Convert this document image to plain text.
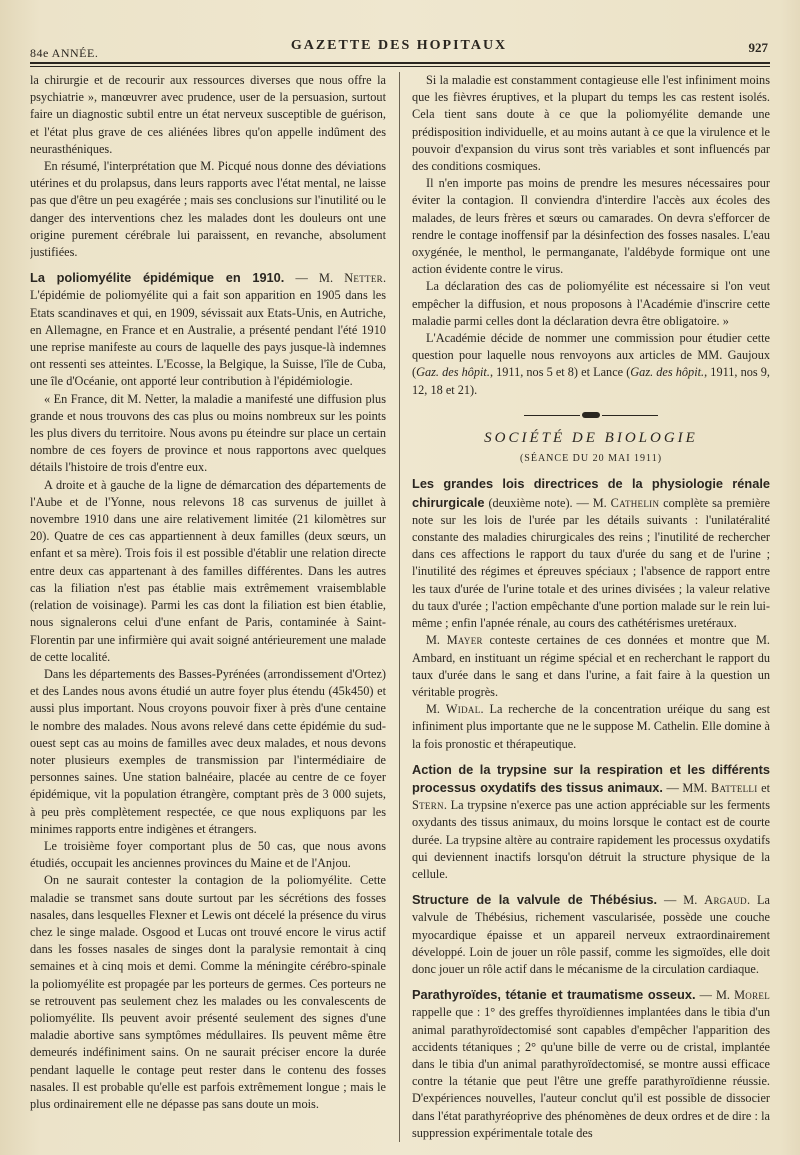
84e ANNÉE.	GAZETTE DES HOPITAUX	927

la chirurgie et de recourir aux ressources diverses que nous offre la psychiatrie », manœuvrer avec prudence, user de la persuasion, surtout faire un diagnostic subtil entre un état nerveux susceptible de guérison, et l'état plus grave de ces aliénées libres qu'on appelle indûment des neurasthéniques.

En résumé, l'interprétation que M. Picqué nous donne des déviations utérines et du prolapsus, dans leurs rapports avec l'état mental, ne laisse pas que d'être un peu exagérée ; mais ses conclusions sur l'inutilité ou le danger des interventions chez les malades dont les douleurs ont une origine purement cérébrale lui paraissent, en revanche, absolument justifiées.

La poliomyélite épidémique en 1910. — M. Netter. L'épidémie de poliomyélite qui a fait son apparition en 1905 dans les Etats scandinaves et qui, en 1909, sévissait aux Etats-Unis, en Autriche, en Allemagne, en France et en Australie, a présenté pendant l'été 1910 une reprise manifeste au cours de laquelle des pays jusque-là indemnes ont ressenti ses atteintes. L'Ecosse, la Belgique, la Suisse, l'île de Cuba, une île d'Océanie, ont apporté leur contribution à l'épidémiologie.

« En France, dit M. Netter, la maladie a manifesté une diffusion plus grande et nous trouvons des cas plus ou moins nombreux sur les points les plus divers du territoire. Nous avons pu éteindre sur place un certain nombre de ces foyers de province et nous rapportons avec quelques détails l'histoire de trois d'entre eux.

A droite et à gauche de la ligne de démarcation des départements de l'Aube et de l'Yonne, nous relevons 18 cas survenus de juillet à novembre 1910 dans une aire relativement limitée (21 kilomètres sur 20). Quatre de ces cas appartiennent à deux familles (deux sœurs, un enfant et sa mère). Trois fois il est possible d'établir une relation directe entre deux cas appartenant à des familles différentes. Dans les autres cas la filiation n'est pas établie mais extrêmement vraisemblable (relation de voisinage). Parmi les cas dont la filiation est bien établie, nous signalerons celui d'une enfant de Paris, contaminée à Saint-Florentin par une infirmière qui avait soigné antérieurement une malade de cette localité.

Dans les départements des Basses-Pyrénées (arrondissement d'Ortez) et des Landes nous avons étudié un autre foyer plus étendu (45k450) et aussi plus important. Nous croyons pouvoir fixer à près d'une centaine le nombre des malades. Nous avons relevé dans cette épidémie du sud-ouest sept cas au moins de familles avec deux malades, et nous devons noter plusieurs exemples de transmission par l'intermédiaire de personnes saines. Une station balnéaire, placée au centre de ce foyer épidémique, vit la population étrangère, comptant près de 3 000 sujets, à peu près complètement respectée, ce que nous expliquons par les minimes rapports entre indigènes et étrangers.

Le troisième foyer comportant plus de 50 cas, que nous avons étudiés, occupait les anciennes provinces du Maine et de l'Anjou.

On ne saurait contester la contagion de la poliomyélite. Cette maladie se transmet sans doute surtout par les sécrétions des fosses nasales, dans lesquelles Flexner et Lewis ont décelé la présence du virus chez le singe malade. Osgood et Lucas ont trouvé encore le virus actif dans les fosses nasales de singes dont la paralysie remontait à cinq semaines et à cinq mois et demi. Comme la méningite cérébro-spinale la poliomyélite est propagée par les porteurs de germes. Ces porteurs ne se retrouvent pas seulement chez les malades ou les convalescents de poliomyélite. Ils peuvent avoir présenté seulement des signes d'une maladie abortive sans symptômes médullaires. Ils peuvent même être demeurés indéfiniment sains. On ne saurait préciser encore la durée pendant laquelle le contage peut rester dans le contenu des fosses nasales. Il est probable qu'elle est parfois extrêmement longue ; mais le plus ordinairement elle ne dépasse pas sans doute un mois.

Si la maladie est constamment contagieuse elle l'est infiniment moins que les fièvres éruptives, et la plupart du temps les cas restent isolés. Cela tient sans doute à ce que la poliomyélite demande une prédisposition individuelle, et au moins autant à ce que la virulence et le pouvoir d'expansion du virus sont très variables et sont influencés par des conditions cosmiques.

Il n'en importe pas moins de prendre les mesures nécessaires pour éviter la contagion. Il conviendra d'interdire l'accès aux écoles des malades, de leurs frères et sœurs ou camarades. On devra s'efforcer de rendre le contage inoffensif par la désinfection des fosses nasales. L'eau oxygénée, le menthol, le permanganate, l'aldébyde formique ont une action évidente contre le virus.

La déclaration des cas de poliomyélite est nécessaire si l'on veut empêcher la diffusion, et nous proposons à l'Académie d'inscrire cette maladie parmi celles dont la déclaration devra être obligatoire. »

L'Académie décide de nommer une commission pour étudier cette question pour laquelle nous renvoyons aux articles de MM. Gaujoux (Gaz. des hôpit., 1911, nos 5 et 8) et Lance (Gaz. des hôpit., 1911, nos 9, 12, 18 et 21).

SOCIÉTÉ DE BIOLOGIE
(SÉANCE DU 20 MAI 1911)

Les grandes lois directrices de la physiologie rénale chirurgicale (deuxième note). — M. Cathelin complète sa première note sur les lois de l'urée par les détails suivants : l'unilatéralité constante des maladies chirurgicales des reins ; l'inutilité de rechercher dans ces affections le rapport du taux d'urée du sang et de l'urine ; l'inutilité des régimes et épreuves spéciaux ; l'absence de rapport entre les taux d'urée de l'urine totale et des urines divisées ; la valeur relative du taux d'urée ; l'action empêchante d'une portion malade sur le rein lui-même ; enfin l'apnée rénale, au cours des cathétérismes uretéraux.

M. Mayer conteste certaines de ces données et montre que M. Ambard, en instituant un régime spécial et en recherchant le rapport du taux d'urée dans le sang et dans l'urine, a fait faire à la question un véritable progrès.

M. Widal. La recherche de la concentration uréique du sang est infiniment plus importante que ne le suppose M. Cathelin. Elle domine à la fois pronostic et thérapeutique.

Action de la trypsine sur la respiration et les différents processus oxydatifs des tissus animaux. — MM. Battelli et Stern. La trypsine n'exerce pas une action appréciable sur les ferments oxydants des tissus animaux, du moins lorsque le contact est de courte durée. La trypsine altère au contraire rapidement les processus oxydatifs qui deviennent inactifs lorsqu'on détruit la structure physique de la cellule.

Structure de la valvule de Thébésius. — M. Argaud. La valvule de Thébésius, richement vascularisée, possède une couche myocardique épaisse et un appareil nerveux extraordinairement développé. Loin de jouer un rôle passif, comme les sigmoïdes, elle doit donc jouer un rôle actif dans le mécanisme de la circulation cardiaque.

Parathyroïdes, tétanie et traumatisme osseux. — M. Morel rappelle que : 1° des greffes thyroïdiennes implantées dans le tibia d'un animal parathyroïdectomisé sont capables d'empêcher l'apparition des accidents tétaniques ; 2° qu'une bille de verre ou de cristal, implantée dans le tibia d'un animal parathyroïdectomisé, se montre aussi efficace contre la tétanie que peut l'être une greffe parathyroïdienne réussie. D'expériences nouvelles, l'auteur conclut qu'il est possible de dissocier dans l'état parathyréoprive des phénomènes de deux ordres et de dire : la suppression expérimentale totale des
